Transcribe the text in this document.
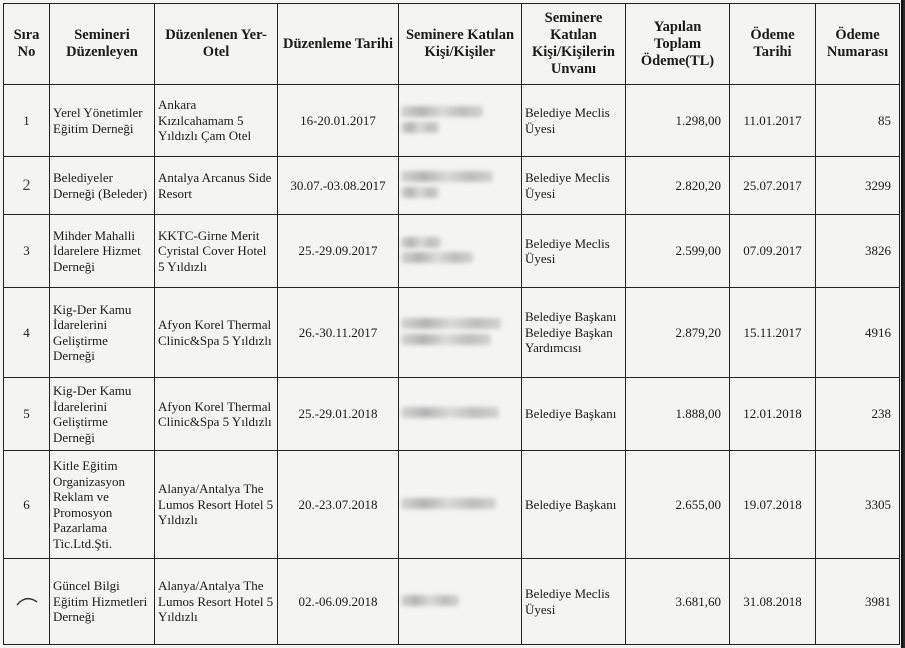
Sıra No	Semineri Düzenleyen	Düzenlenen Yer-Otel	Düzenleme Tarihi	Seminere Katılan Kişi/Kişiler	Seminere Katılan Kişi/Kişilerin Unvanı	Yapılan Toplam Ödeme(TL)	Ödeme Tarihi	Ödeme Numarası
1	Yerel Yönetimler Eğitim Derneği	Ankara Kızılcahamam 5 Yıldızlı Çam Otel	16-20.01.2017		Belediye Meclis Üyesi	1.298,00	11.01.2017	85
2	Belediyeler Derneği (Beleder)	Antalya Arcanus Side Resort	30.07.-03.08.2017		Belediye Meclis Üyesi	2.820,20	25.07.2017	3299
3	Mihder Mahalli İdarelere Hizmet Derneği	KKTC-Girne Merit Cyristal Cover Hotel 5 Yıldızlı	25.-29.09.2017		Belediye Meclis Üyesi	2.599,00	07.09.2017	3826
4	Kig-Der Kamu İdarelerini Geliştirme Derneği	Afyon Korel Thermal Clinic&Spa 5 Yıldızlı	26.-30.11.2017		Belediye Başkanı Belediye Başkan Yardımcısı	2.879,20	15.11.2017	4916
5	Kig-Der Kamu İdarelerini Geliştirme Derneği	Afyon Korel Thermal Clinic&Spa 5 Yıldızlı	25.-29.01.2018		Belediye Başkanı	1.888,00	12.01.2018	238
6	Kitle Eğitim Organizasyon Reklam ve Promosyon Pazarlama Tic.Ltd.Şti.	Alanya/Antalya The Lumos Resort Hotel 5 Yıldızlı	20.-23.07.2018		Belediye Başkanı	2.655,00	19.07.2018	3305
	Güncel Bilgi Eğitim Hizmetleri Derneği	Alanya/Antalya The Lumos Resort Hotel 5 Yıldızlı	02.-06.09.2018		Belediye Meclis Üyesi	3.681,60	31.08.2018	3981
